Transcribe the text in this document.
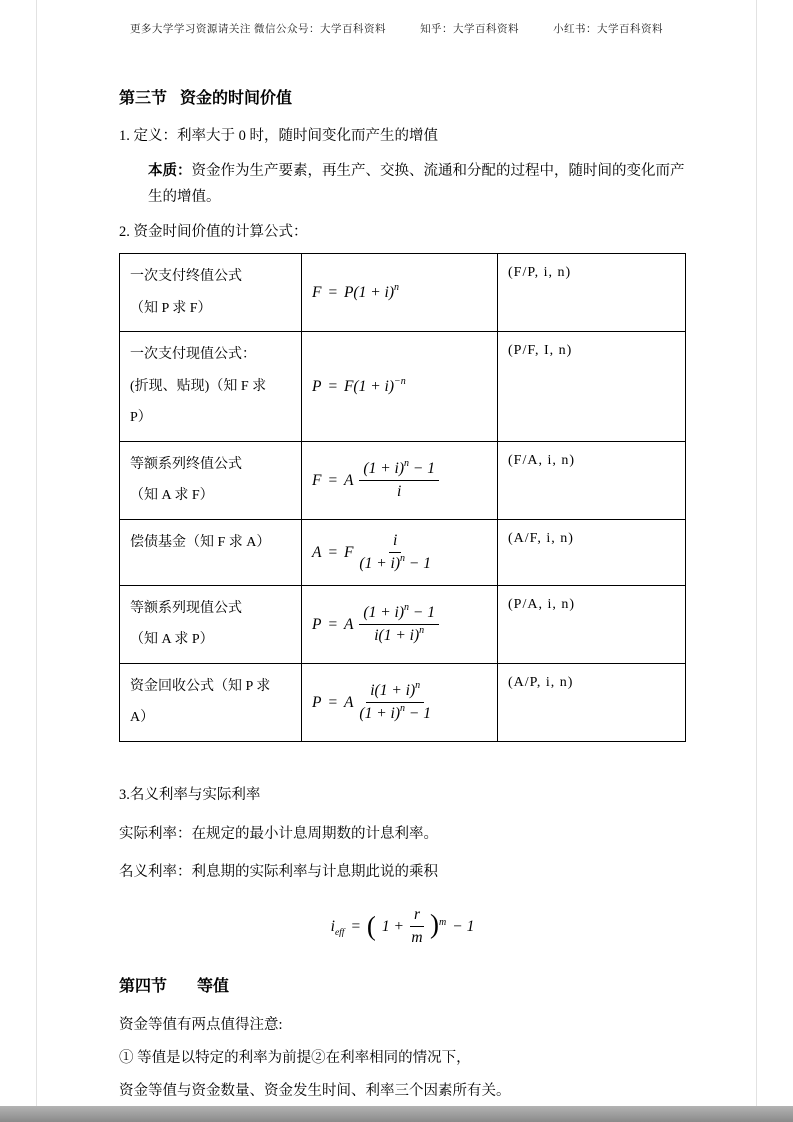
更多大学学习资源请关注 微信公众号：大学百科资料	知乎：大学百科资料	小红书：大学百科资料
第三节 资金的时间价值
1. 定义：利率大于 0 时，随时间变化而产生的增值
本质：资金作为生产要素，再生产、交换、流通和分配的过程中，随时间的变化而产生的增值。
2. 资金时间价值的计算公式：
一次支付终值公式
（知 P 求 F）

$F = P(1 + i)^n$
	(F/P, i, n)

一次支付现值公式：
(折现、贴现)（知 F 求
P）

$P = F(1 + i)^{-n}$
	(P/F, I, n)

等额系列终值公式
（知 A 求 F）

F = A $\frac{(1 + i)^n - 1}{i}$	(F/A, i, n)

偿债基金（知 F 求 A）	A = F $\frac{i}{(1 + i)^n - 1}$	(A/F, i, n)

等额系列现值公式
（知 A 求 P）

P = A $\frac{(1 + i)^n - 1}{i(1 + i)^n}$	(P/A, i, n)

资金回收公式（知 P 求
A）

P = A $\frac{i(1 + i)^n}{(1 + i)^n - 1}$	(A/P, i, n)
3.名义利率与实际利率
实际利率：在规定的最小计息周期数的计息利率。
名义利率：利息期的实际利率与计息期此说的乘积
$i_{eff}$ = ( $1 + \frac{r}{m} )^m - 1$
第四节 等值
资金等值有两点值得注意:
① 等值是以特定的利率为前提②在利率相同的情况下，
资金等值与资金数量、资金发生时间、利率三个因素所有关。
